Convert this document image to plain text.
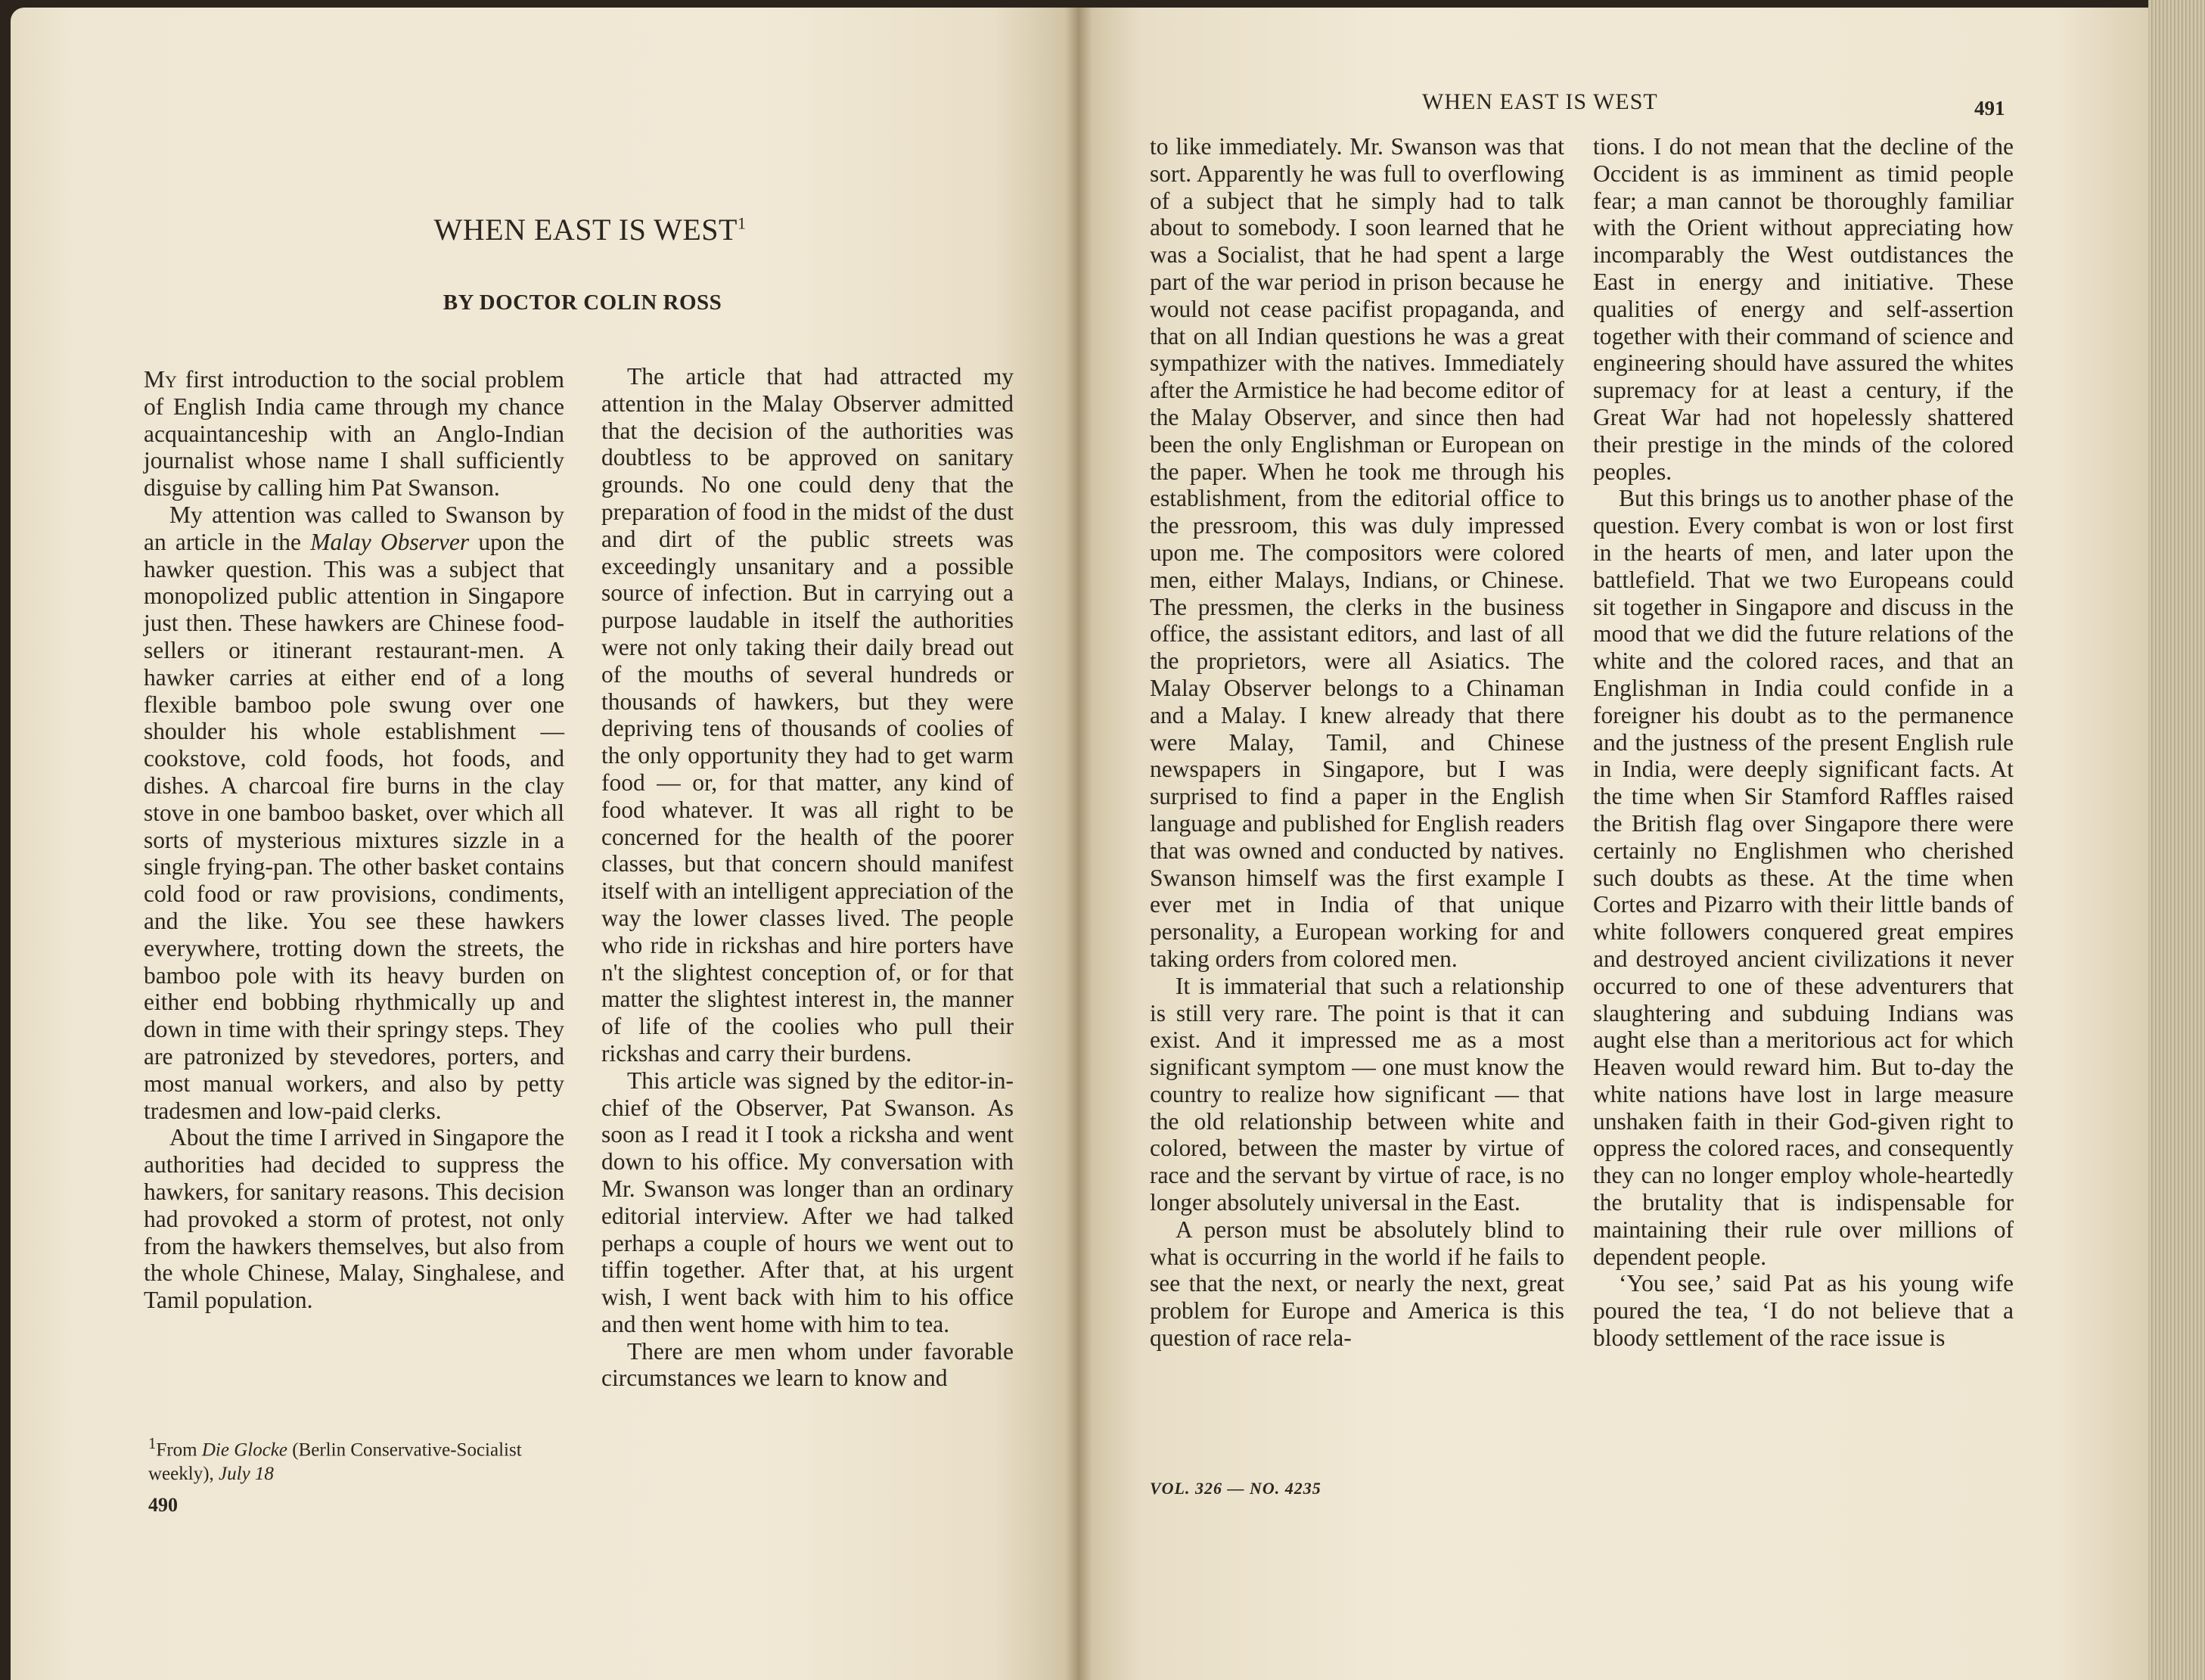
WHEN EAST IS WEST$^1$
BY DOCTOR COLIN ROSS

My first introduction to the social problem of English India came through my chance acquaintanceship with an Anglo-Indian journalist whose name I shall sufficiently disguise by calling him Pat Swanson.

My attention was called to Swanson by an article in the Malay Observer upon the hawker question. This was a subject that monopolized public attention in Singapore just then. These hawkers are Chinese food-sellers or itinerant restaurant-men. A hawker carries at either end of a long flexible bamboo pole swung over one shoulder his whole establishment — cookstove, cold foods, hot foods, and dishes. A charcoal fire burns in the clay stove in one bamboo basket, over which all sorts of mysterious mixtures sizzle in a single frying-pan. The other basket contains cold food or raw provisions, condiments, and the like. You see these hawkers everywhere, trotting down the streets, the bamboo pole with its heavy burden on either end bobbing rhythmically up and down in time with their springy steps. They are patronized by stevedores, porters, and most manual workers, and also by petty tradesmen and low-paid clerks.

About the time I arrived in Singapore the authorities had decided to suppress the hawkers, for sanitary reasons. This decision had provoked a storm of protest, not only from the hawkers themselves, but also from the whole Chinese, Malay, Singhalese, and Tamil population.

$^1$From Die Glocke (Berlin Conservative-Socialist weekly), July 18
490

The article that had attracted my attention in the Malay Observer admitted that the decision of the authorities was doubtless to be approved on sanitary grounds. No one could deny that the preparation of food in the midst of the dust and dirt of the public streets was exceedingly unsanitary and a possible source of infection. But in carrying out a purpose laudable in itself the authorities were not only taking their daily bread out of the mouths of several hundreds or thousands of hawkers, but they were depriving tens of thousands of coolies of the only opportunity they had to get warm food — or, for that matter, any kind of food whatever. It was all right to be concerned for the health of the poorer classes, but that concern should manifest itself with an intelligent appreciation of the way the lower classes lived. The people who ride in rickshas and hire porters have n't the slightest conception of, or for that matter the slightest interest in, the manner of life of the coolies who pull their rickshas and carry their burdens.

This article was signed by the editor-in-chief of the Observer, Pat Swanson. As soon as I read it I took a ricksha and went down to his office. My conversation with Mr. Swanson was longer than an ordinary editorial interview. After we had talked perhaps a couple of hours we went out to tiffin together. After that, at his urgent wish, I went back with him to his office and then went home with him to tea.

There are men whom under favorable circumstances we learn to know and

WHEN EAST IS WEST	491

to like immediately. Mr. Swanson was that sort. Apparently he was full to overflowing of a subject that he simply had to talk about to somebody. I soon learned that he was a Socialist, that he had spent a large part of the war period in prison because he would not cease pacifist propaganda, and that on all Indian questions he was a great sympathizer with the natives. Immediately after the Armistice he had become editor of the Malay Observer, and since then had been the only Englishman or European on the paper. When he took me through his establishment, from the editorial office to the pressroom, this was duly impressed upon me. The compositors were colored men, either Malays, Indians, or Chinese. The pressmen, the clerks in the business office, the assistant editors, and last of all the proprietors, were all Asiatics. The Malay Observer belongs to a Chinaman and a Malay. I knew already that there were Malay, Tamil, and Chinese newspapers in Singapore, but I was surprised to find a paper in the English language and published for English readers that was owned and conducted by natives. Swanson himself was the first example I ever met in India of that unique personality, a European working for and taking orders from colored men.

It is immaterial that such a relationship is still very rare. The point is that it can exist. And it impressed me as a most significant symptom — one must know the country to realize how significant — that the old relationship between white and colored, between the master by virtue of race and the servant by virtue of race, is no longer absolutely universal in the East.

A person must be absolutely blind to what is occurring in the world if he fails to see that the next, or nearly the next, great problem for Europe and America is this question of race rela-

VOL. 326 — NO. 4235

tions. I do not mean that the decline of the Occident is as imminent as timid people fear; a man cannot be thoroughly familiar with the Orient without appreciating how incomparably the West outdistances the East in energy and initiative. These qualities of energy and self-assertion together with their command of science and engineering should have assured the whites supremacy for at least a century, if the Great War had not hopelessly shattered their prestige in the minds of the colored peoples.

But this brings us to another phase of the question. Every combat is won or lost first in the hearts of men, and later upon the battlefield. That we two Europeans could sit together in Singapore and discuss in the mood that we did the future relations of the white and the colored races, and that an Englishman in India could confide in a foreigner his doubt as to the permanence and the justness of the present English rule in India, were deeply significant facts. At the time when Sir Stamford Raffles raised the British flag over Singapore there were certainly no Englishmen who cherished such doubts as these. At the time when Cortes and Pizarro with their little bands of white followers conquered great empires and destroyed ancient civilizations it never occurred to one of these adventurers that slaughtering and subduing Indians was aught else than a meritorious act for which Heaven would reward him. But to-day the white nations have lost in large measure unshaken faith in their God-given right to oppress the colored races, and consequently they can no longer employ whole-heartedly the brutality that is indispensable for maintaining their rule over millions of dependent people.

‘You see,’ said Pat as his young wife poured the tea, ‘I do not believe that a bloody settlement of the race issue is
